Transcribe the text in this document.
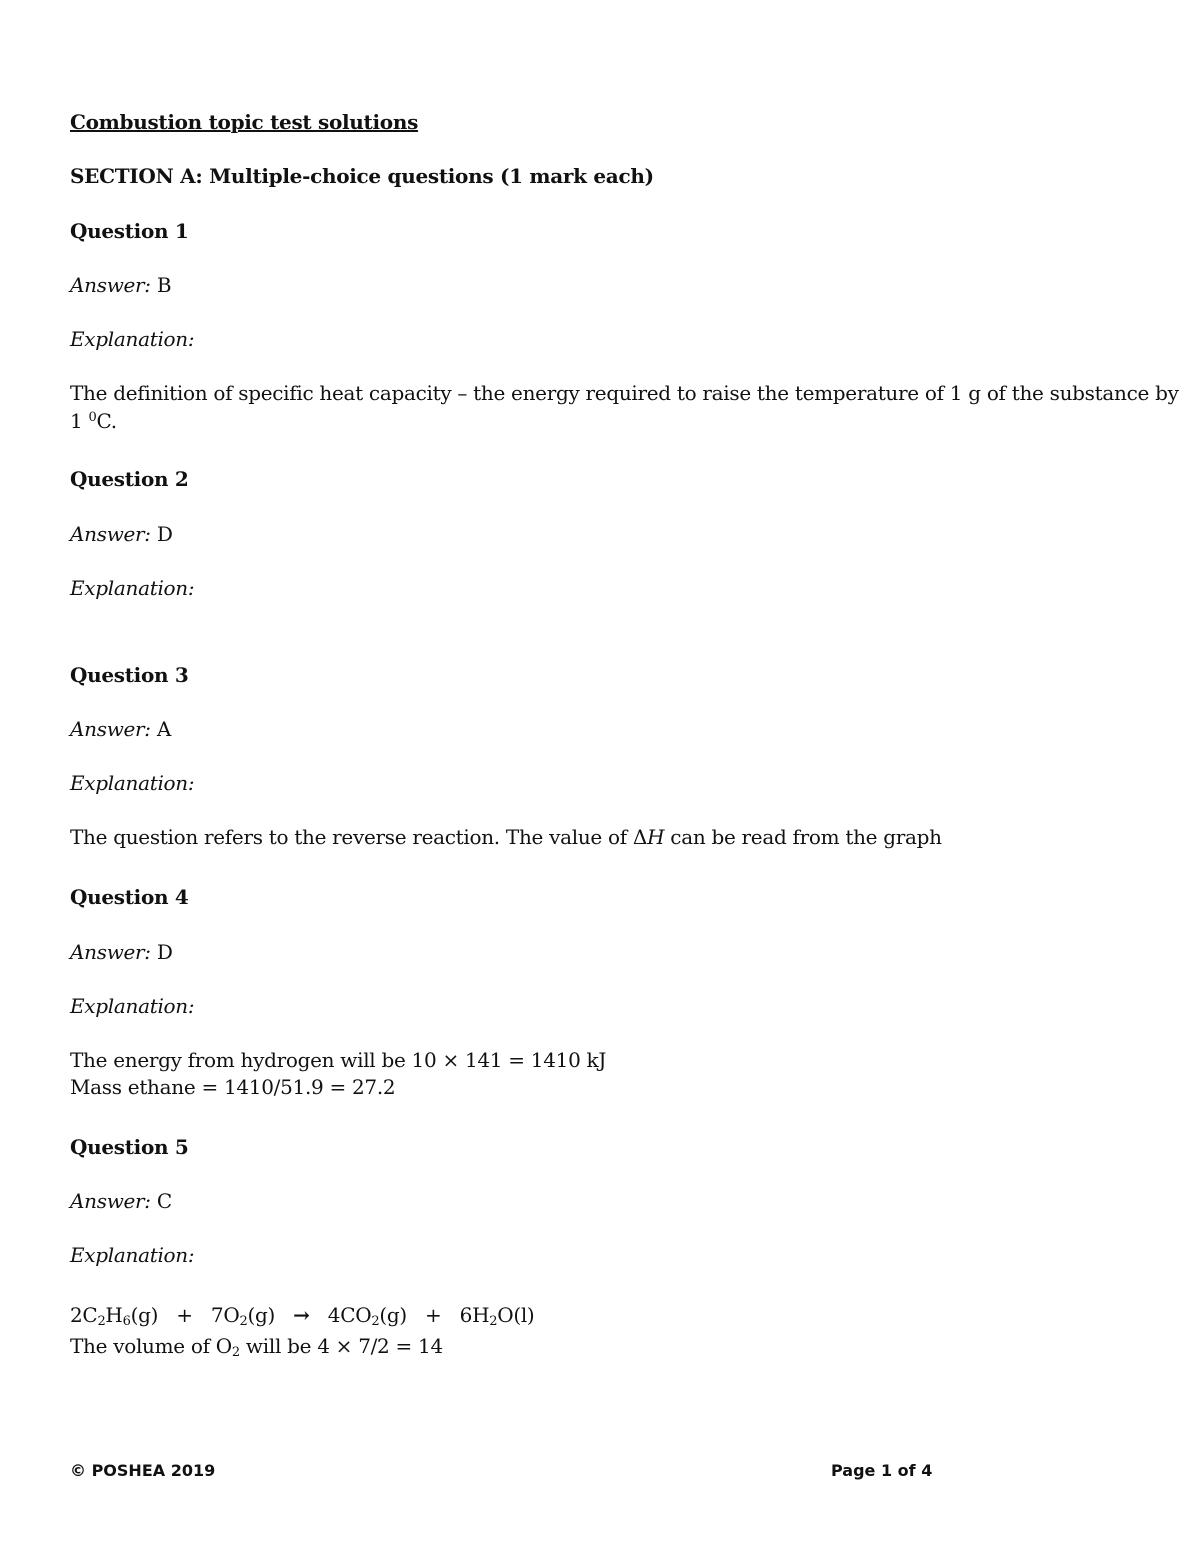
Combustion topic test solutions
SECTION A: Multiple-choice questions (1 mark each)
Question 1
Answer: B
Explanation:
The definition of specific heat capacity – the energy required to raise the temperature of 1 g of the substance by
1 $^0$C.
Question 2
Answer: D
Explanation:
Question 3
Answer: A
Explanation:
The question refers to the reverse reaction. The value of ΔH can be read from the graph
Question 4
Answer: D
Explanation:
The energy from hydrogen will be 10 × 141 = 1410 kJ
Mass ethane = 1410/51.9 = 27.2
Question 5
Answer: C
Explanation:
$2C_2H_6(g) + 7O_2(g) \to 4CO_2(g) + 6H_2O(l)$
The volume of $O_2$ will be 4 × 7/2 = 14
© POSHEA 2019	Page 1 of 4
